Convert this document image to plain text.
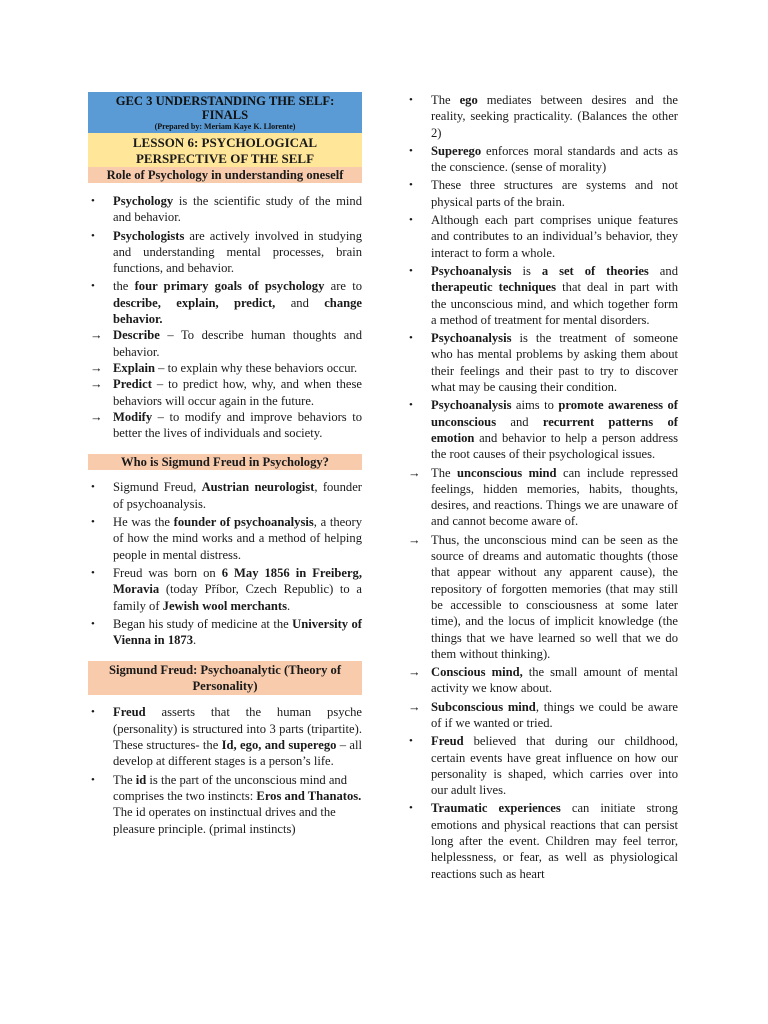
GEC 3 UNDERSTANDING THE SELF: FINALS
(Prepared by: Meriam Kaye K. Llorente)
LESSON 6: PSYCHOLOGICAL PERSPECTIVE OF THE SELF
Role of Psychology in understanding oneself
• Psychology is the scientific study of the mind and behavior.
• Psychologists are actively involved in studying and understanding mental processes, brain functions, and behavior.
• the four primary goals of psychology are to describe, explain, predict, and change behavior.
→ Describe – To describe human thoughts and behavior.
→ Explain – to explain why these behaviors occur.
→ Predict – to predict how, why, and when these behaviors will occur again in the future.
→ Modify – to modify and improve behaviors to better the lives of individuals and society.
Who is Sigmund Freud in Psychology?
• Sigmund Freud, Austrian neurologist, founder of psychoanalysis.
• He was the founder of psychoanalysis, a theory of how the mind works and a method of helping people in mental distress.
• Freud was born on 6 May 1856 in Freiberg, Moravia (today Příbor, Czech Republic) to a family of Jewish wool merchants.
• Began his study of medicine at the University of Vienna in 1873.
Sigmund Freud: Psychoanalytic (Theory of Personality)
• Freud asserts that the human psyche (personality) is structured into 3 parts (tripartite). These structures- the Id, ego, and superego – all develop at different stages is a person’s life.
• The id is the part of the unconscious mind and comprises the two instincts: Eros and Thanatos. The id operates on instinctual drives and the pleasure principle. (primal instincts)
• The ego mediates between desires and the reality, seeking practicality. (Balances the other 2)
• Superego enforces moral standards and acts as the conscience. (sense of morality)
• These three structures are systems and not physical parts of the brain.
• Although each part comprises unique features and contributes to an individual’s behavior, they interact to form a whole.
• Psychoanalysis is a set of theories and therapeutic techniques that deal in part with the unconscious mind, and which together form a method of treatment for mental disorders.
• Psychoanalysis is the treatment of someone who has mental problems by asking them about their feelings and their past to try to discover what may be causing their condition.
• Psychoanalysis aims to promote awareness of unconscious and recurrent patterns of emotion and behavior to help a person address the root causes of their psychological issues.
→ The unconscious mind can include repressed feelings, hidden memories, habits, thoughts, desires, and reactions. Things we are unaware of and cannot become aware of.
→ Thus, the unconscious mind can be seen as the source of dreams and automatic thoughts (those that appear without any apparent cause), the repository of forgotten memories (that may still be accessible to consciousness at some later time), and the locus of implicit knowledge (the things that we have learned so well that we do them without thinking).
→ Conscious mind, the small amount of mental activity we know about.
→ Subconscious mind, things we could be aware of if we wanted or tried.
• Freud believed that during our childhood, certain events have great influence on how our personality is shaped, which carries over into our adult lives.
• Traumatic experiences can initiate strong emotions and physical reactions that can persist long after the event. Children may feel terror, helplessness, or fear, as well as physiological reactions such as heart
